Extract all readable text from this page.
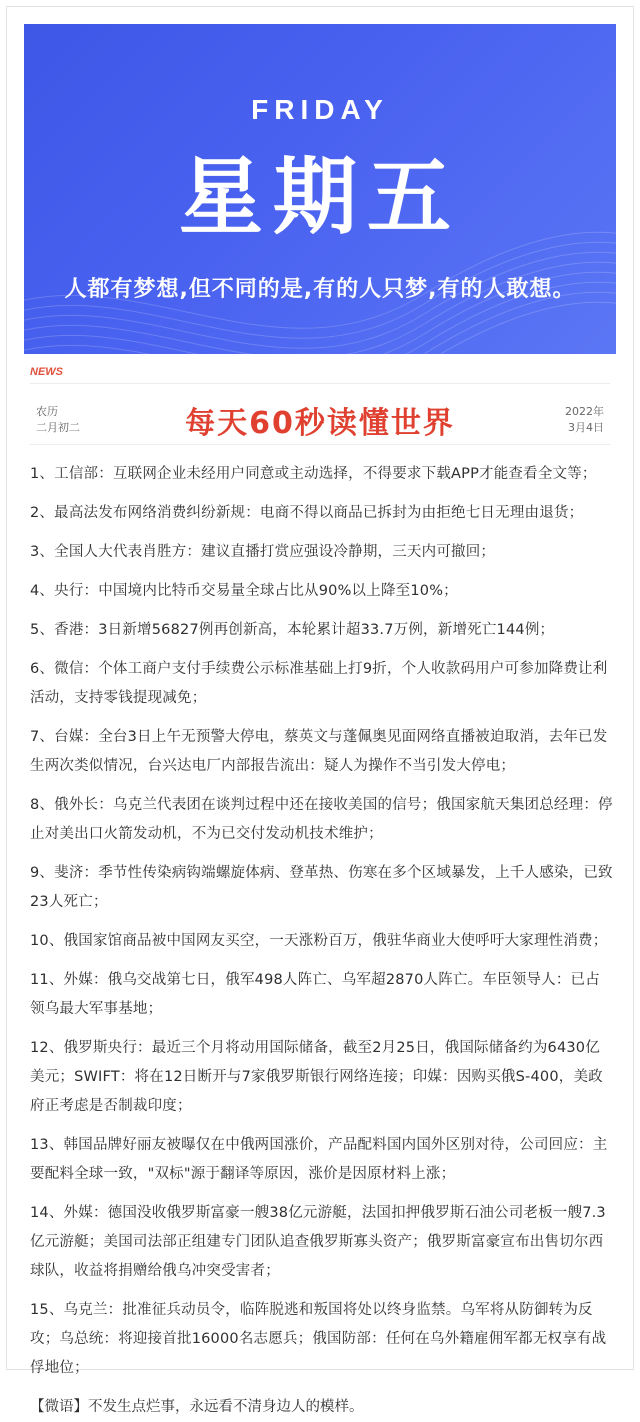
FRIDAY
星期五
人都有梦想,但不同的是,有的人只梦,有的人敢想。
NEWS
农历
二月初二	每天60秒读懂世界	2022年
3月4日
1、工信部：互联网企业未经用户同意或主动选择，不得要求下载APP才能查看全文等；
2、最高法发布网络消费纠纷新规：电商不得以商品已拆封为由拒绝七日无理由退货；
3、全国人大代表肖胜方：建议直播打赏应强设冷静期，三天内可撤回；
4、央行：中国境内比特币交易量全球占比从90%以上降至10%；
5、香港：3日新增56827例再创新高，本轮累计超33.7万例，新增死亡144例；
6、微信：个体工商户支付手续费公示标准基础上打9折，个人收款码用户可参加降费让利活动，支持零钱提现减免；
7、台媒：全台3日上午无预警大停电，蔡英文与蓬佩奥见面网络直播被迫取消，去年已发生两次类似情况，台兴达电厂内部报告流出：疑人为操作不当引发大停电；
8、俄外长：乌克兰代表团在谈判过程中还在接收美国的信号；俄国家航天集团总经理：停止对美出口火箭发动机，不为已交付发动机技术维护；
9、斐济：季节性传染病钩端螺旋体病、登革热、伤寒在多个区域暴发，上千人感染，已致23人死亡；
10、俄国家馆商品被中国网友买空，一天涨粉百万，俄驻华商业大使呼吁大家理性消费；
11、外媒：俄乌交战第七日，俄军498人阵亡、乌军超2870人阵亡。车臣领导人：已占领乌最大军事基地；
12、俄罗斯央行：最近三个月将动用国际储备，截至2月25日，俄国际储备约为6430亿美元；SWIFT：将在12日断开与7家俄罗斯银行网络连接；印媒：因购买俄S-400，美政府正考虑是否制裁印度；
13、韩国品牌好丽友被曝仅在中俄两国涨价，产品配料国内国外区别对待，公司回应：主要配料全球一致，"双标"源于翻译等原因，涨价是因原材料上涨；
14、外媒：德国没收俄罗斯富豪一艘38亿元游艇，法国扣押俄罗斯石油公司老板一艘7.3亿元游艇；美国司法部正组建专门团队追查俄罗斯寡头资产；俄罗斯富豪宣布出售切尔西球队，收益将捐赠给俄乌冲突受害者；
15、乌克兰：批准征兵动员令，临阵脱逃和叛国将处以终身监禁。乌军将从防御转为反攻；乌总统：将迎接首批16000名志愿兵；俄国防部：任何在乌外籍雇佣军都无权享有战俘地位；
【微语】不发生点烂事，永远看不清身边人的模样。
